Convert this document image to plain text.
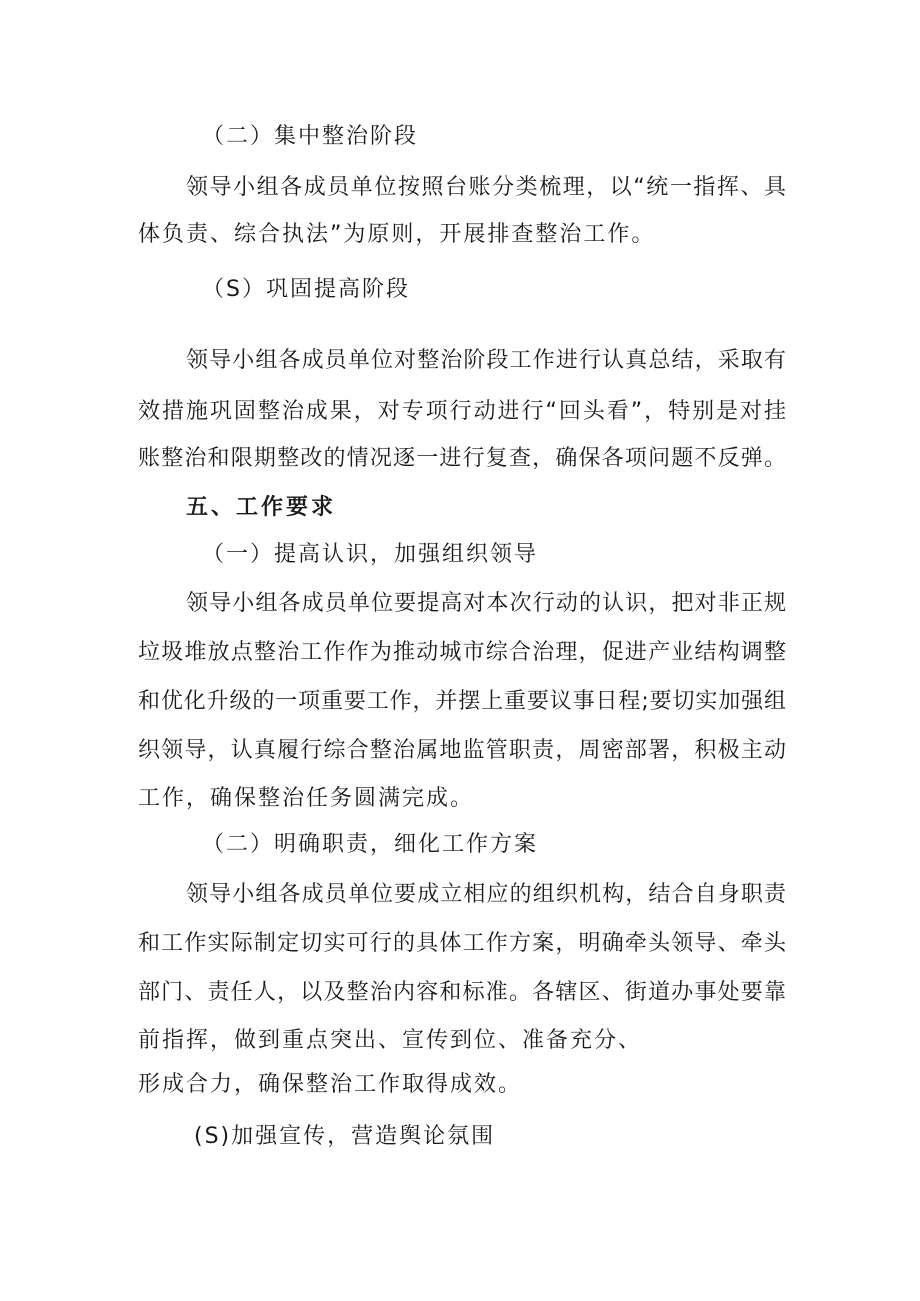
（二）集中整治阶段
领导小组各成员单位按照台账分类梳理，以“统一指挥、具
体负责、综合执法”为原则，开展排查整治工作。
（S）巩固提高阶段
领导小组各成员单位对整治阶段工作进行认真总结，采取有
效措施巩固整治成果，对专项行动进行“回头看”，特别是对挂
账整治和限期整改的情况逐一进行复查，确保各项问题不反弹。
五、工作要求
（一）提高认识，加强组织领导
领导小组各成员单位要提高对本次行动的认识，把对非正规
垃圾堆放点整治工作作为推动城市综合治理，促进产业结构调整
和优化升级的一项重要工作，并摆上重要议事日程;要切实加强组
织领导，认真履行综合整治属地监管职责，周密部署，积极主动
工作，确保整治任务圆满完成。
（二）明确职责，细化工作方案
领导小组各成员单位要成立相应的组织机构，结合自身职责
和工作实际制定切实可行的具体工作方案，明确牵头领导、牵头
部门、责任人，以及整治内容和标准。各辖区、街道办事处要靠
前指挥，做到重点突出、宣传到位、准备充分、
形成合力，确保整治工作取得成效。
(S)加强宣传，营造舆论氛围
